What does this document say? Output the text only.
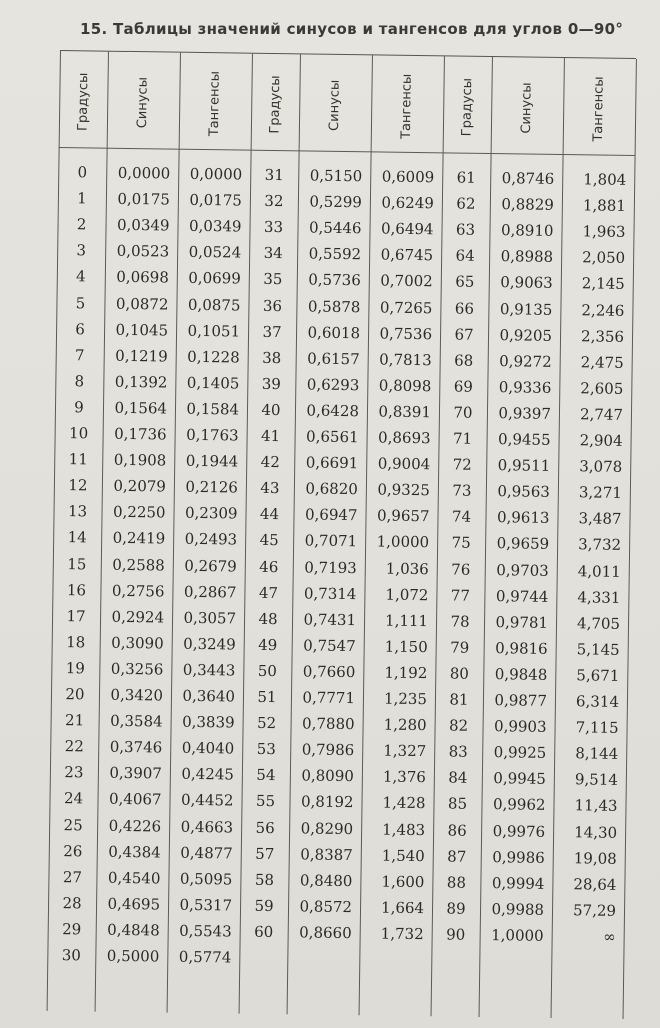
15. Таблицы значений синусов и тангенсов для углов 0—90°
Градусы
0
1
2
3
4
5
6
7
8
9
10
11
12
13
14
15
16
17
18
19
20
21
22
23
24
25
26
27
28
29
30
Синусы
0,0000
0,0175
0,0349
0,0523
0,0698
0,0872
0,1045
0,1219
0,1392
0,1564
0,1736
0,1908
0,2079
0,2250
0,2419
0,2588
0,2756
0,2924
0,3090
0,3256
0,3420
0,3584
0,3746
0,3907
0,4067
0,4226
0,4384
0,4540
0,4695
0,4848
0,5000
Тангенсы
0,0000
0,0175
0,0349
0,0524
0,0699
0,0875
0,1051
0,1228
0,1405
0,1584
0,1763
0,1944
0,2126
0,2309
0,2493
0,2679
0,2867
0,3057
0,3249
0,3443
0,3640
0,3839
0,4040
0,4245
0,4452
0,4663
0,4877
0,5095
0,5317
0,5543
0,5774
Градусы
31
32
33
34
35
36
37
38
39
40
41
42
43
44
45
46
47
48
49
50
51
52
53
54
55
56
57
58
59
60
Синусы
0,5150
0,5299
0,5446
0,5592
0,5736
0,5878
0,6018
0,6157
0,6293
0,6428
0,6561
0,6691
0,6820
0,6947
0,7071
0,7193
0,7314
0,7431
0,7547
0,7660
0,7771
0,7880
0,7986
0,8090
0,8192
0,8290
0,8387
0,8480
0,8572
0,8660
Тангенсы
0,6009
0,6249
0,6494
0,6745
0,7002
0,7265
0,7536
0,7813
0,8098
0,8391
0,8693
0,9004
0,9325
0,9657
1,0000
1,036
1,072
1,111
1,150
1,192
1,235
1,280
1,327
1,376
1,428
1,483
1,540
1,600
1,664
1,732
Градусы
61
62
63
64
65
66
67
68
69
70
71
72
73
74
75
76
77
78
79
80
81
82
83
84
85
86
87
88
89
90
Синусы
0,8746
0,8829
0,8910
0,8988
0,9063
0,9135
0,9205
0,9272
0,9336
0,9397
0,9455
0,9511
0,9563
0,9613
0,9659
0,9703
0,9744
0,9781
0,9816
0,9848
0,9877
0,9903
0,9925
0,9945
0,9962
0,9976
0,9986
0,9994
0,9988
1,0000
Тангенсы
1,804
1,881
1,963
2,050
2,145
2,246
2,356
2,475
2,605
2,747
2,904
3,078
3,271
3,487
3,732
4,011
4,331
4,705
5,145
5,671
6,314
7,115
8,144
9,514
11,43
14,30
19,08
28,64
57,29
∞
